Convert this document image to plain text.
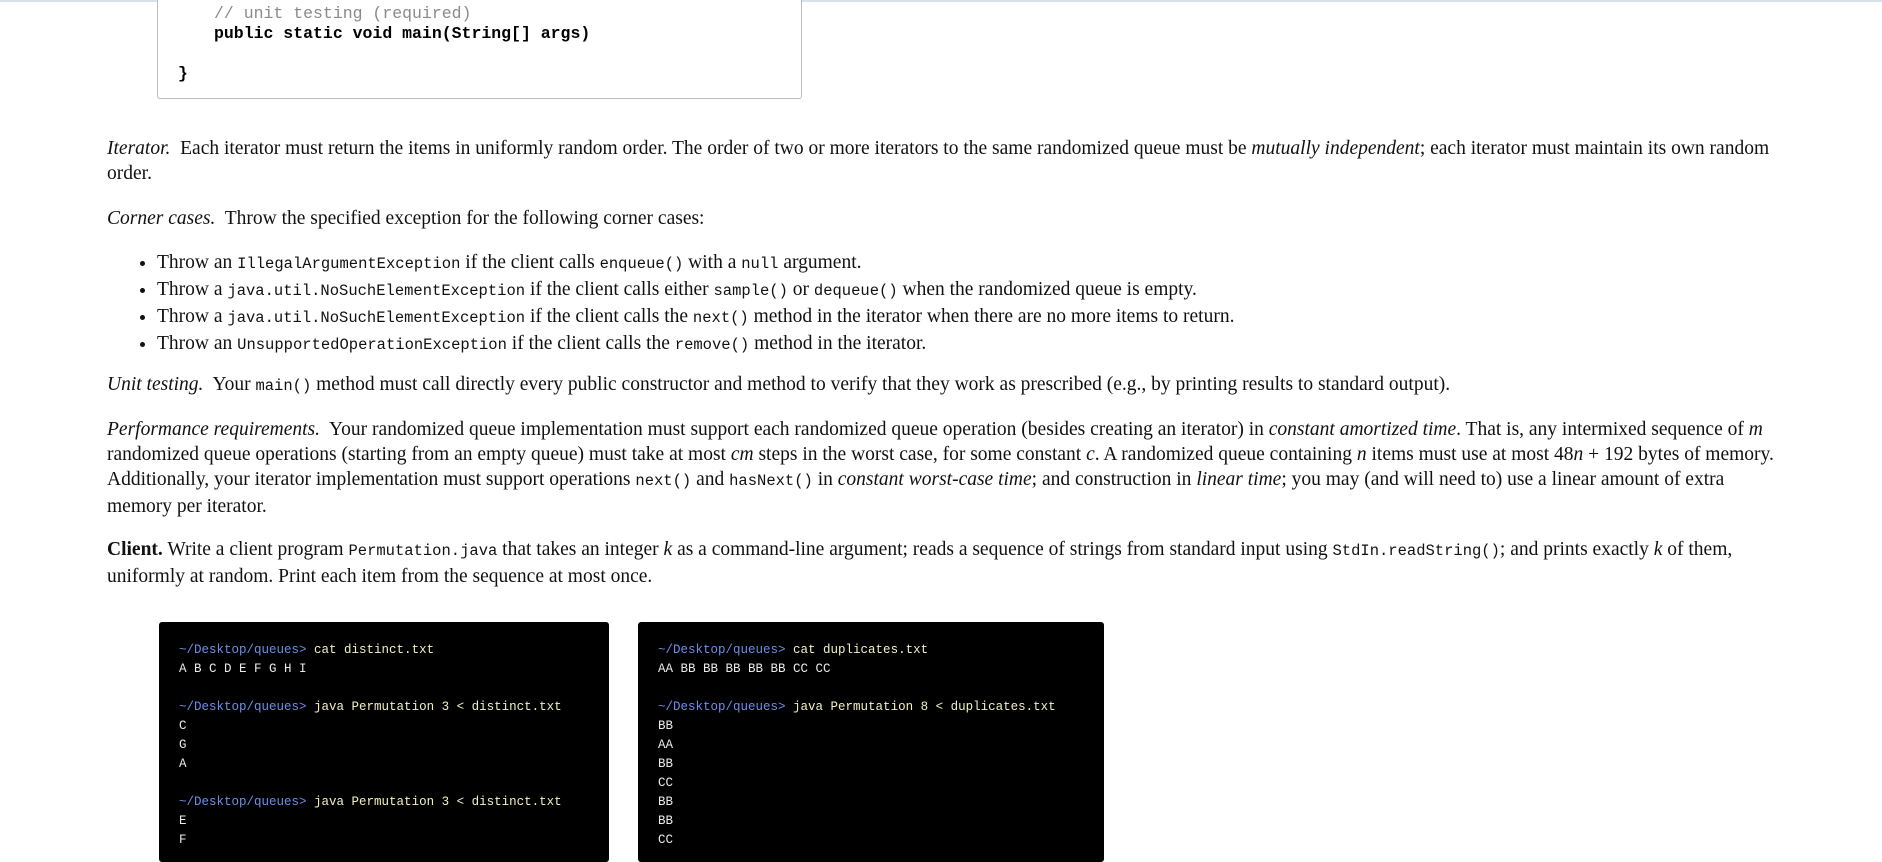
// unit testing (required)
public static void main(String[] args)
}

Iterator. Each iterator must return the items in uniformly random order. The order of two or more iterators to the same randomized queue must be mutually independent; each iterator must maintain its own random order.

Corner cases. Throw the specified exception for the following corner cases:

• Throw an IllegalArgumentException if the client calls enqueue() with a null argument.
• Throw a java.util.NoSuchElementException if the client calls either sample() or dequeue() when the randomized queue is empty.
• Throw a java.util.NoSuchElementException if the client calls the next() method in the iterator when there are no more items to return.
• Throw an UnsupportedOperationException if the client calls the remove() method in the iterator.

Unit testing. Your main() method must call directly every public constructor and method to verify that they work as prescribed (e.g., by printing results to standard output).

Performance requirements. Your randomized queue implementation must support each randomized queue operation (besides creating an iterator) in constant amortized time. That is, any intermixed sequence of m randomized queue operations (starting from an empty queue) must take at most cm steps in the worst case, for some constant c. A randomized queue containing n items must use at most 48n + 192 bytes of memory. Additionally, your iterator implementation must support operations next() and hasNext() in constant worst-case time; and construction in linear time; you may (and will need to) use a linear amount of extra memory per iterator.

Client. Write a client program Permutation.java that takes an integer k as a command-line argument; reads a sequence of strings from standard input using StdIn.readString(); and prints exactly k of them, uniformly at random. Print each item from the sequence at most once.

~/Desktop/queues> cat distinct.txt
A B C D E F G H I
~/Desktop/queues> java Permutation 3 < distinct.txt
C
G
A
~/Desktop/queues> java Permutation 3 < distinct.txt
E
F
~/Desktop/queues> cat duplicates.txt
AA BB BB BB BB BB CC CC
~/Desktop/queues> java Permutation 8 < duplicates.txt
BB
AA
BB
CC
BB
BB
CC
